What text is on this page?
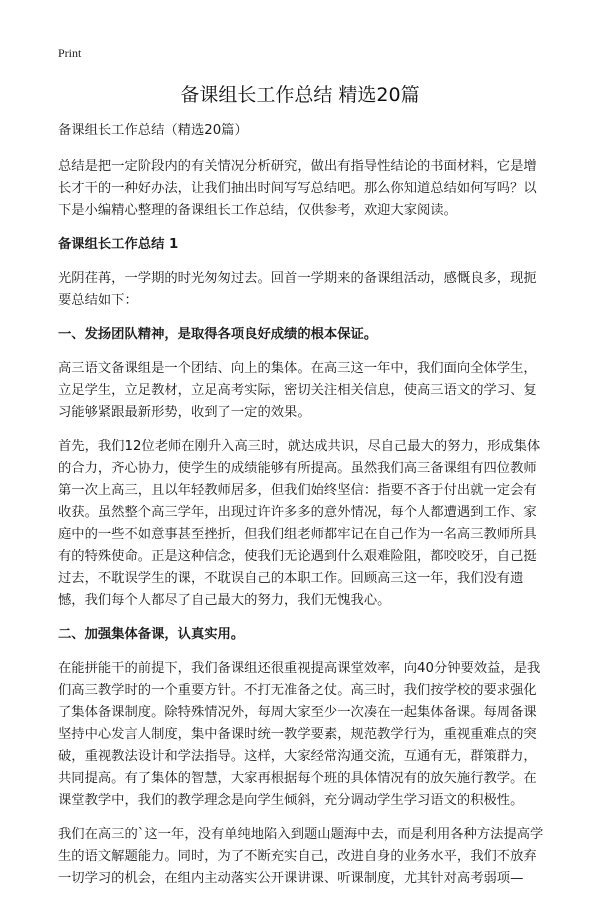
Print
备课组长工作总结 精选20篇

备课组长工作总结（精选20篇）

总结是把一定阶段内的有关情况分析研究，做出有指导性结论的书面材料，它是增长才干的一种好办法，让我们抽出时间写写总结吧。那么你知道总结如何写吗？以下是小编精心整理的备课组长工作总结，仅供参考，欢迎大家阅读。

备课组长工作总结 1

光阴荏苒，一学期的时光匆匆过去。回首一学期来的备课组活动，感慨良多，现扼要总结如下：

一、发扬团队精神，是取得各项良好成绩的根本保证。

高三语文备课组是一个团结、向上的集体。在高三这一年中，我们面向全体学生，立足学生，立足教材，立足高考实际，密切关注相关信息，使高三语文的学习、复习能够紧跟最新形势，收到了一定的效果。

首先，我们12位老师在刚升入高三时，就达成共识，尽自己最大的努力，形成集体的合力，齐心协力，使学生的成绩能够有所提高。虽然我们高三备课组有四位教师第一次上高三，且以年轻教师居多，但我们始终坚信：指要不吝于付出就一定会有收获。虽然整个高三学年，出现过许许多多的意外情况，每个人都遭遇到工作、家庭中的一些不如意事甚至挫折，但我们组老师都牢记在自己作为一名高三教师所具有的特殊使命。正是这种信念，使我们无论遇到什么艰难险阻，都咬咬牙，自己挺过去，不耽误学生的课，不耽误自己的本职工作。回顾高三这一年，我们没有遗憾，我们每个人都尽了自己最大的努力，我们无愧我心。

二、加强集体备课，认真实用。

在能拼能干的前提下，我们备课组还很重视提高课堂效率，向40分钟要效益，是我们高三教学时的一个重要方针。不打无准备之仗。高三时，我们按学校的要求强化了集体备课制度。除特殊情况外，每周大家至少一次凑在一起集体备课。每周备课坚持中心发言人制度，集中备课时统一教学要素，规范教学行为，重视重难点的突破，重视教法设计和学法指导。这样，大家经常沟通交流，互通有无，群策群力，共同提高。有了集体的智慧，大家再根据每个班的具体情况有的放矢施行教学。在课堂教学中，我们的教学理念是向学生倾斜，充分调动学生学习语文的积极性。

我们在高三的`这一年，没有单纯地陷入到题山题海中去，而是利用各种方法提高学生的语文解题能力。同时，为了不断充实自己，改进自身的业务水平，我们不放弃一切学习的机会，在组内主动落实公开课讲课、听课制度，尤其针对高考弱项—
